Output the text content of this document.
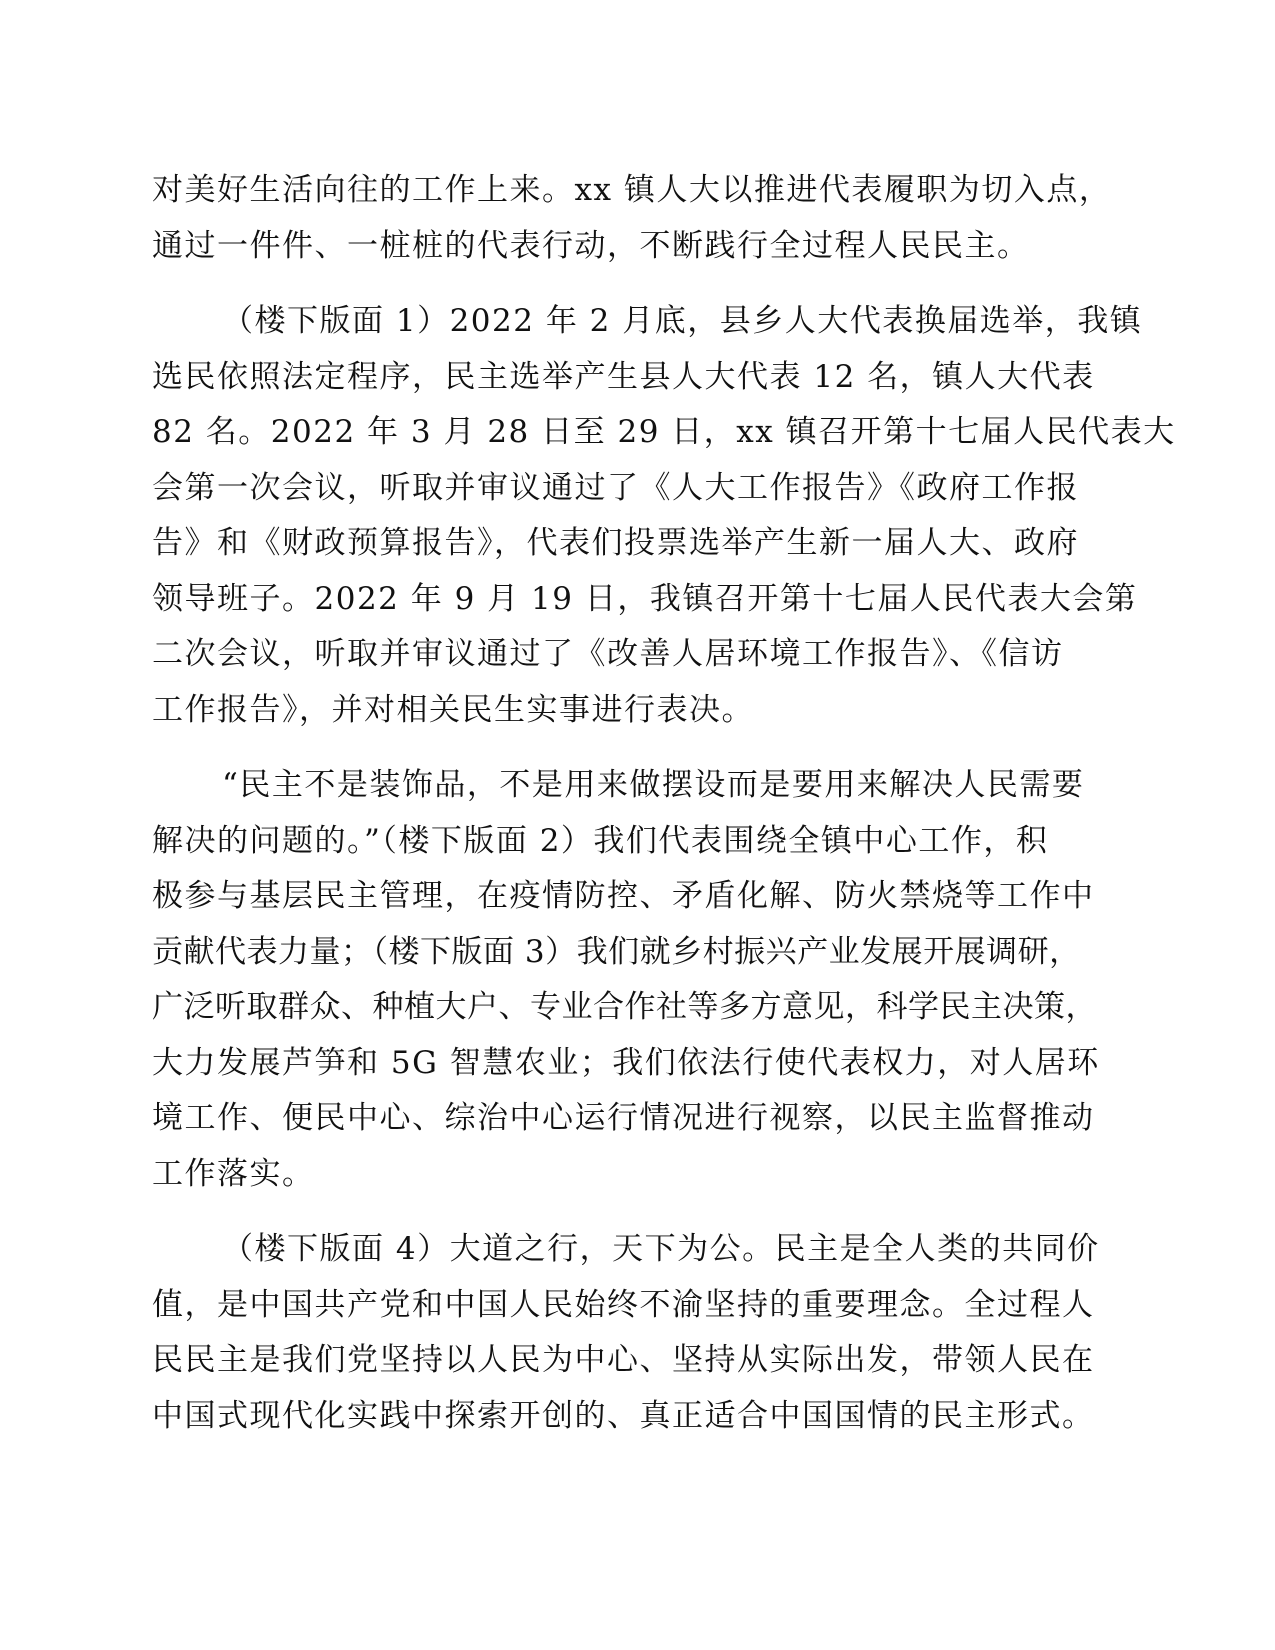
对美好生活向往的工作上来。xx 镇人大以推进代表履职为切入点，
通过一件件、一桩桩的代表行动，不断践行全过程人民民主。
（楼下版面 1）2022 年 2 月底，县乡人大代表换届选举，我镇
选民依照法定程序，民主选举产生县人大代表 12 名，镇人大代表
82 名。2022 年 3 月 28 日至 29 日，xx 镇召开第十七届人民代表大
会第一次会议，听取并审议通过了《人大工作报告》《政府工作报
告》和《财政预算报告》，代表们投票选举产生新一届人大、政府
领导班子。2022 年 9 月 19 日，我镇召开第十七届人民代表大会第
二次会议，听取并审议通过了《改善人居环境工作报告》、《信访
工作报告》，并对相关民生实事进行表决。
“民主不是装饰品，不是用来做摆设而是要用来解决人民需要
解决的问题的。”（楼下版面 2）我们代表围绕全镇中心工作，积
极参与基层民主管理，在疫情防控、矛盾化解、防火禁烧等工作中
贡献代表力量；（楼下版面 3）我们就乡村振兴产业发展开展调研，
广泛听取群众、种植大户、专业合作社等多方意见，科学民主决策，
大力发展芦笋和 5G 智慧农业；我们依法行使代表权力，对人居环
境工作、便民中心、综治中心运行情况进行视察，以民主监督推动
工作落实。
（楼下版面 4）大道之行，天下为公。民主是全人类的共同价
值，是中国共产党和中国人民始终不渝坚持的重要理念。全过程人
民民主是我们党坚持以人民为中心、坚持从实际出发，带领人民在
中国式现代化实践中探索开创的、真正适合中国国情的民主形式。
